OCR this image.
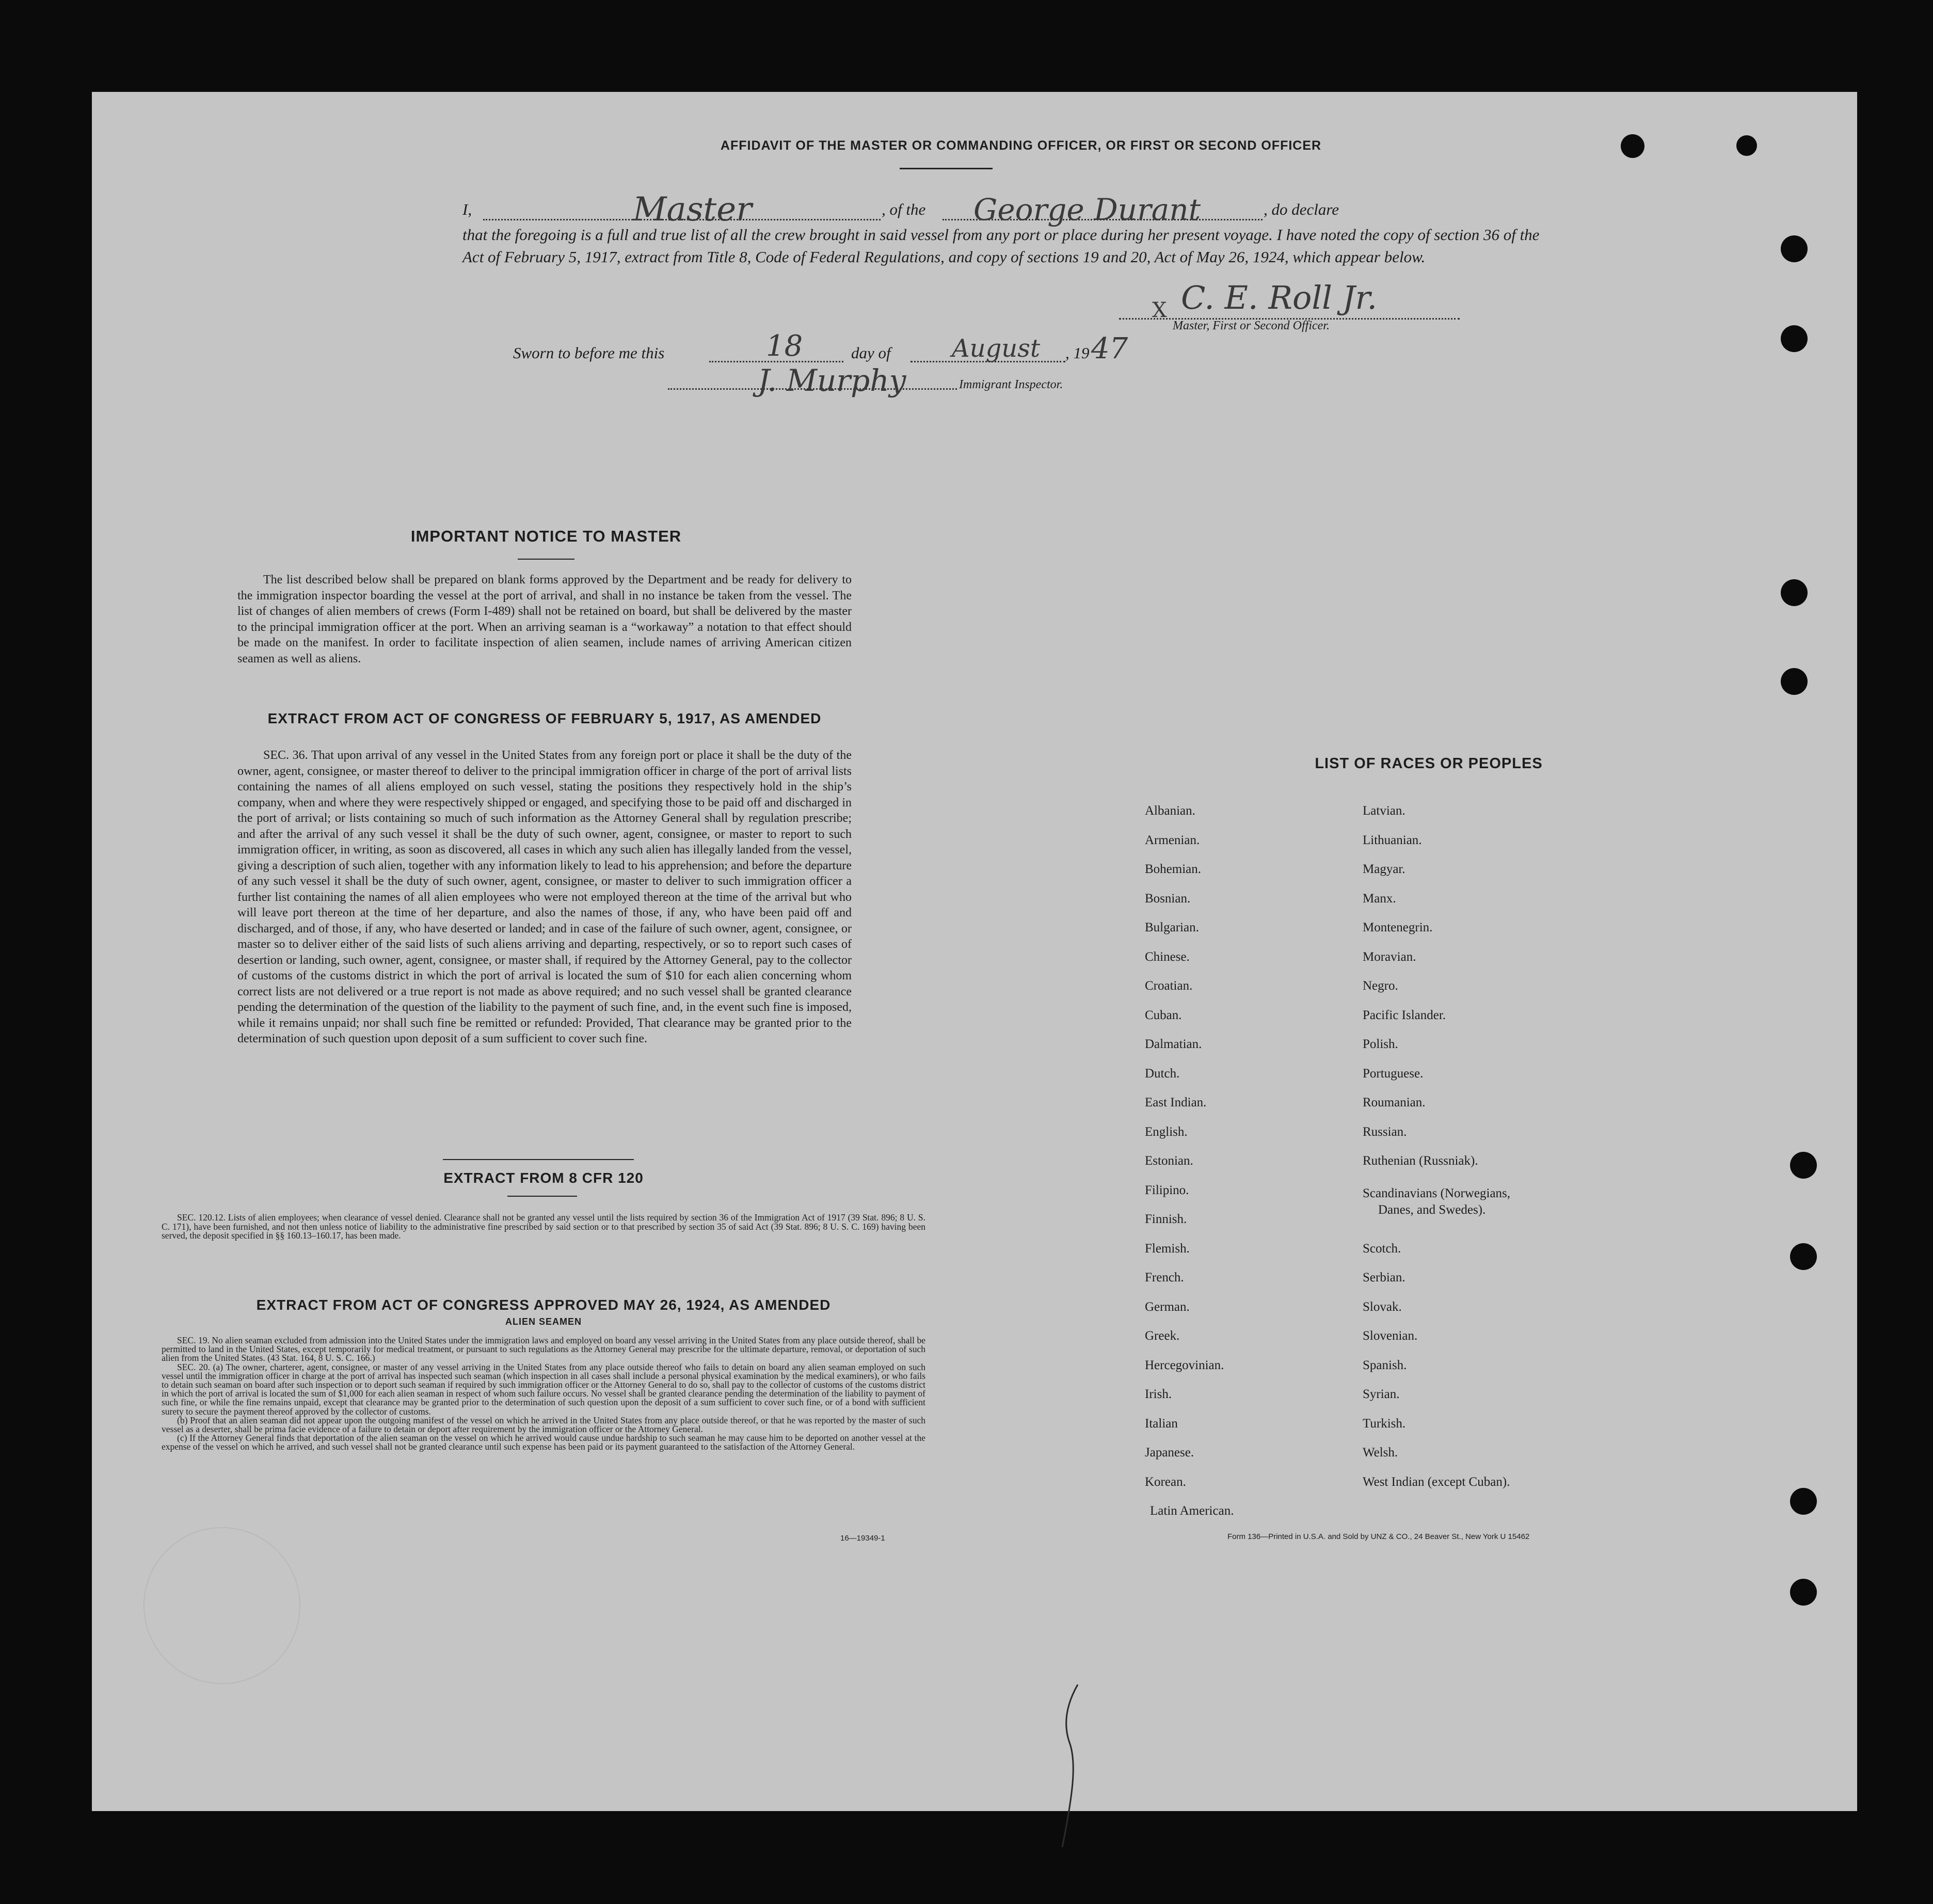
AFFIDAVIT OF THE MASTER OR COMMANDING OFFICER, OR FIRST OR SECOND OFFICER
I,	Master	, of the George Durant	, do declare
that the foregoing is a full and true list of all the crew brought in said vessel from any port or place during her present voyage. I have noted the copy of section 36 of the Act of February 5, 1917, extract from Title 8, Code of Federal Regulations, and copy of sections 19 and 20, Act of May 26, 1924, which appear below.
X C. E. Roll Jr.
Master, First or Second Officer.
Sworn to before me this	18	day of August , 19 47
J. Murphy	Immigrant Inspector.
IMPORTANT NOTICE TO MASTER
The list described below shall be prepared on blank forms approved by the Department and be ready for delivery to the immigration inspector boarding the vessel at the port of arrival, and shall in no instance be taken from the vessel. The list of changes of alien members of crews (Form I-489) shall not be retained on board, but shall be delivered by the master to the principal immigration officer at the port. When an arriving seaman is a “workaway” a notation to that effect should be made on the manifest. In order to facilitate inspection of alien seamen, include names of arriving American citizen seamen as well as aliens.
EXTRACT FROM ACT OF CONGRESS OF FEBRUARY 5, 1917, AS AMENDED
SEC. 36. That upon arrival of any vessel in the United States from any foreign port or place it shall be the duty of the owner, agent, consignee, or master thereof to deliver to the principal immigration officer in charge of the port of arrival lists containing the names of all aliens employed on such vessel, stating the positions they respectively hold in the ship’s company, when and where they were respectively shipped or engaged, and specifying those to be paid off and discharged in the port of arrival; or lists containing so much of such information as the Attorney General shall by regulation prescribe; and after the arrival of any such vessel it shall be the duty of such owner, agent, consignee, or master to report to such immigration officer, in writing, as soon as discovered, all cases in which any such alien has illegally landed from the vessel, giving a description of such alien, together with any information likely to lead to his apprehension; and before the departure of any such vessel it shall be the duty of such owner, agent, consignee, or master to deliver to such immigration officer a further list containing the names of all alien employees who were not employed thereon at the time of the arrival but who will leave port thereon at the time of her departure, and also the names of those, if any, who have been paid off and discharged, and of those, if any, who have deserted or landed; and in case of the failure of such owner, agent, consignee, or master so to deliver either of the said lists of such aliens arriving and departing, respectively, or so to report such cases of desertion or landing, such owner, agent, consignee, or master shall, if required by the Attorney General, pay to the collector of customs of the customs district in which the port of arrival is located the sum of $10 for each alien concerning whom correct lists are not delivered or a true report is not made as above required; and no such vessel shall be granted clearance pending the determination of the question of the liability to the payment of such fine, and, in the event such fine is imposed, while it remains unpaid; nor shall such fine be remitted or refunded: Provided, That clearance may be granted prior to the determination of such question upon deposit of a sum sufficient to cover such fine.
EXTRACT FROM 8 CFR 120
SEC. 120.12. Lists of alien employees; when clearance of vessel denied. Clearance shall not be granted any vessel until the lists required by section 36 of the Immigration Act of 1917 (39 Stat. 896; 8 U. S. C. 171), have been furnished, and not then unless notice of liability to the administrative fine prescribed by said section or to that prescribed by section 35 of said Act (39 Stat. 896; 8 U. S. C. 169) having been served, the deposit specified in §§ 160.13–160.17, has been made.
EXTRACT FROM ACT OF CONGRESS APPROVED MAY 26, 1924, AS AMENDED
ALIEN SEAMEN

SEC. 19. No alien seaman excluded from admission into the United States under the immigration laws and employed on board any vessel arriving in the United States from any place outside thereof, shall be permitted to land in the United States, except temporarily for medical treatment, or pursuant to such regulations as the Attorney General may prescribe for the ultimate departure, removal, or deportation of such alien from the United States. (43 Stat. 164, 8 U. S. C. 166.)

SEC. 20. (a) The owner, charterer, agent, consignee, or master of any vessel arriving in the United States from any place outside thereof who fails to detain on board any alien seaman employed on such vessel until the immigration officer in charge at the port of arrival has inspected such seaman (which inspection in all cases shall include a personal physical examination by the medical examiners), or who fails to detain such seaman on board after such inspection or to deport such seaman if required by such immigration officer or the Attorney General to do so, shall pay to the collector of customs of the customs district in which the port of arrival is located the sum of $1,000 for each alien seaman in respect of whom such failure occurs. No vessel shall be granted clearance pending the determination of the liability to payment of such fine, or while the fine remains unpaid, except that clearance may be granted prior to the determination of such question upon the deposit of a sum sufficient to cover such fine, or of a bond with sufficient surety to secure the payment thereof approved by the collector of customs.

(b) Proof that an alien seaman did not appear upon the outgoing manifest of the vessel on which he arrived in the United States from any place outside thereof, or that he was reported by the master of such vessel as a deserter, shall be prima facie evidence of a failure to detain or deport after requirement by the immigration officer or the Attorney General.

(c) If the Attorney General finds that deportation of the alien seaman on the vessel on which he arrived would cause undue hardship to such seaman he may cause him to be deported on another vessel at the expense of the vessel on which he arrived, and such vessel shall not be granted clearance until such expense has been paid or its payment guaranteed to the satisfaction of the Attorney General.

16—19349-1
LIST OF RACES OR PEOPLES
Albanian.
Armenian.
Bohemian.
Bosnian.
Bulgarian.
Chinese.
Croatian.
Cuban.
Dalmatian.
Dutch.
East Indian.
English.
Estonian.
Filipino.
Finnish.
Flemish.
French.
German.
Greek.
Hercegovinian.
Irish.
Italian
Japanese.
Korean.
Latin American.
Latvian.
Lithuanian.
Magyar.
Manx.
Montenegrin.
Moravian.
Negro.
Pacific Islander.
Polish.
Portuguese.
Roumanian.
Russian.
Ruthenian (Russniak).
Scandinavians (Norwegians,
Danes, and Swedes).
Scotch.
Serbian.
Slovak.
Slovenian.
Spanish.
Syrian.
Turkish.
Welsh.
West Indian (except Cuban).
Form 136—Printed in U.S.A. and Sold by UNZ & CO., 24 Beaver St., New York U 15462
